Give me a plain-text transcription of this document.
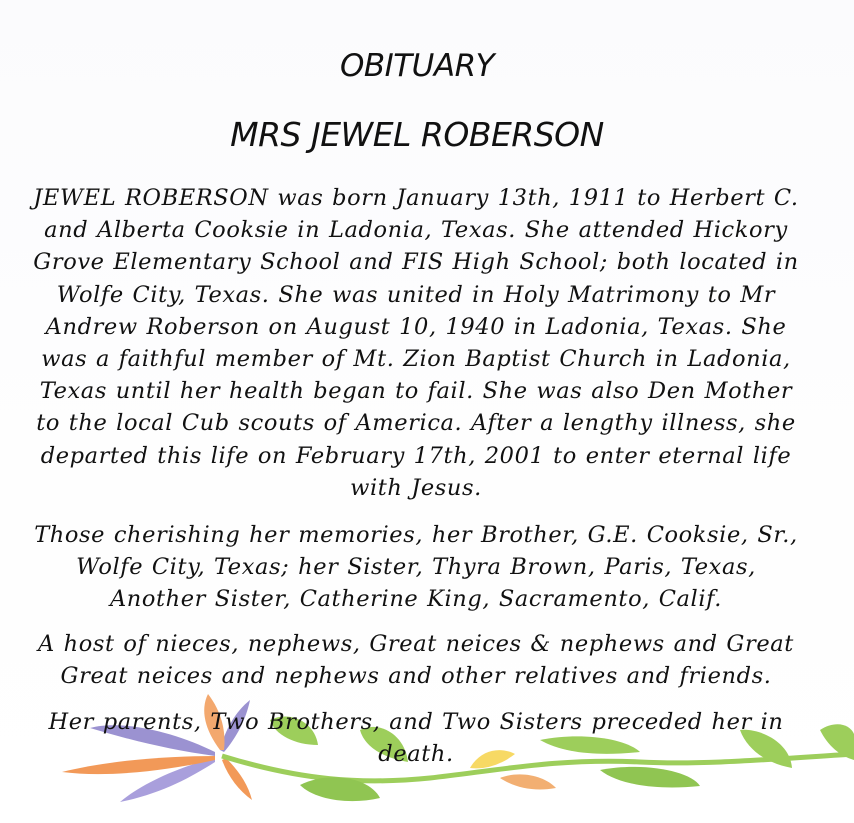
OBITUARY
MRS JEWEL ROBERSON
JEWEL ROBERSON was born January 13th, 1911 to Herbert C. and Alberta Cooksie in Ladonia, Texas. She attended Hickory Grove Elementary School and FIS High School; both located in Wolfe City, Texas. She was united in Holy Matrimony to Mr Andrew Roberson on August 10, 1940 in Ladonia, Texas. She was a faithful member of Mt. Zion Baptist Church in Ladonia, Texas until her health began to fail. She was also Den Mother to the local Cub scouts of America. After a lengthy illness, she departed this life on February 17th, 2001 to enter eternal life with Jesus.
Those cherishing her memories, her Brother, G.E. Cooksie, Sr., Wolfe City, Texas; her Sister, Thyra Brown, Paris, Texas, Another Sister, Catherine King, Sacramento, Calif.
A host of nieces, nephews, Great neices & nephews and Great Great neices and nephews and other relatives and friends.
Her parents, Two Brothers, and Two Sisters preceded her in death.
